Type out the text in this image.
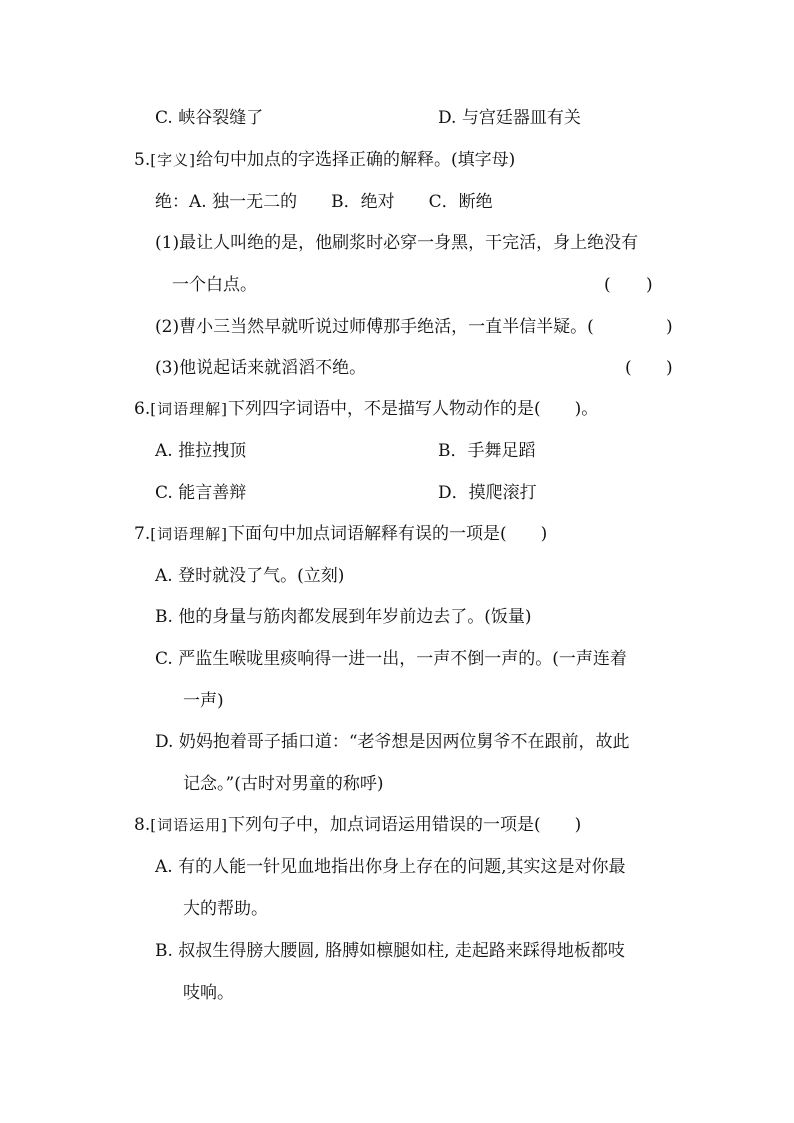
C. 峡谷裂缝了	D. 与宫廷器皿有关
5.[字义]给句中加点的字选择正确的解释。(填字母)
绝：A. 独一无二的　　B．绝对　　C．断绝
(1)最让人叫绝的是，他刷浆时必穿一身黑，干完活，身上绝没有
一个白点。	( )
(2)曹小三当然早就听说过师傅那手绝活，一直半信半疑。(	)
(3)他说起话来就滔滔不绝。	( )
6.[词语理解]下列四字词语中，不是描写人物动作的是(　　)。
A. 推拉拽顶	B．手舞足蹈
C. 能言善辩	D．摸爬滚打
7.[词语理解]下面句中加点词语解释有误的一项是(　　)
A. 登时就没了气。(立刻)
B. 他的身量与筋肉都发展到年岁前边去了。(饭量)
C. 严监生喉咙里痰响得一进一出，一声不倒一声的。(一声连着
一声)
D. 奶妈抱着哥子插口道：“老爷想是因两位舅爷不在跟前，故此
记念。”(古时对男童的称呼)
8.[词语运用]下列句子中，加点词语运用错误的一项是(　　)
A. 有的人能一针见血地指出你身上存在的问题,其实这是对你最
大的帮助。
B. 叔叔生得膀大腰圆, 胳膊如檩腿如柱, 走起路来踩得地板都吱
吱响。
